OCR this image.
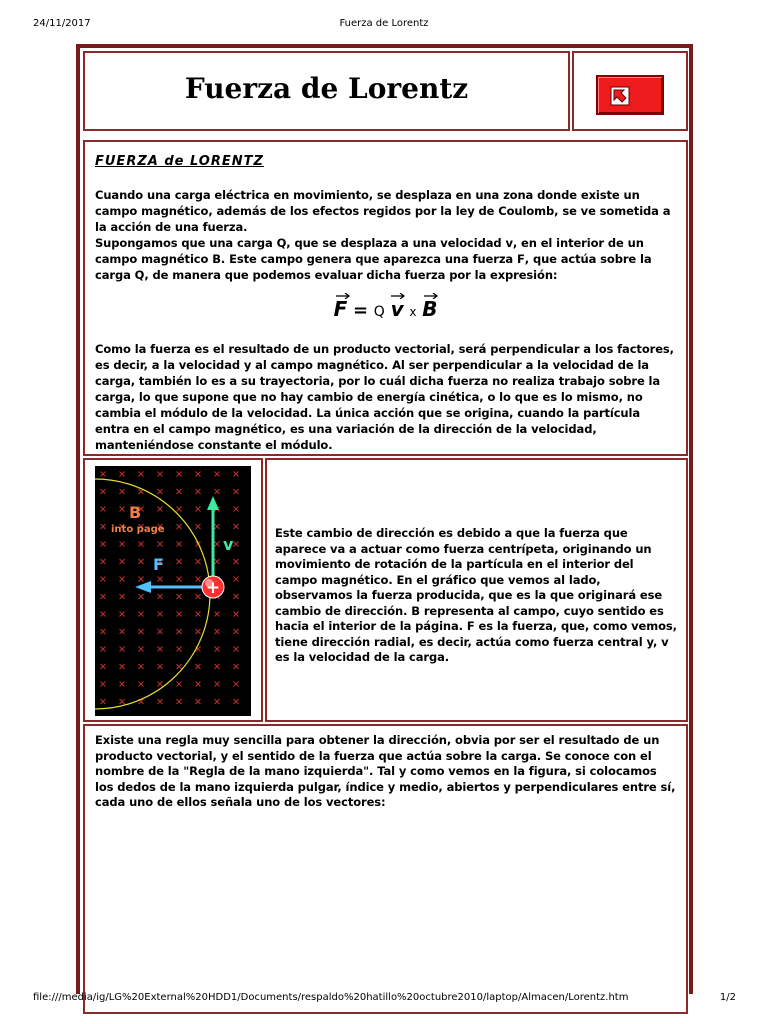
24/11/2017	Fuerza de Lorentz
Fuerza de Lorentz
FUERZA de LORENTZ

Cuando una carga eléctrica en movimiento, se desplaza en una zona donde existe un campo magnético, además de los efectos regidos por la ley de Coulomb, se ve sometida a la acción de una fuerza.

Supongamos que una carga Q, que se desplaza a una velocidad v, en el interior de un campo magnético B. Este campo genera que aparezca una fuerza F, que actúa sobre la carga Q, de manera que podemos evaluar dicha fuerza por la expresión:

F = Q v x B

Como la fuerza es el resultado de un producto vectorial, será perpendicular a los factores, es decir, a la velocidad y al campo magnético. Al ser perpendicular a la velocidad de la carga, también lo es a su trayectoria, por lo cuál dicha fuerza no realiza trabajo sobre la carga, lo que supone que no hay cambio de energía cinética, o lo que es lo mismo, no cambia el módulo de la velocidad. La única acción que se origina, cuando la partícula entra en el campo magnético, es una variación de la dirección de la velocidad, manteniéndose constante el módulo.

B
into page
v
F
+

Este cambio de dirección es debido a que la fuerza que aparece va a actuar como fuerza centrípeta, originando un movimiento de rotación de la partícula en el interior del campo magnético. En el gráfico que vemos al lado, observamos la fuerza producida, que es la que originará ese cambio de dirección. B representa al campo, cuyo sentido es hacia el interior de la página. F es la fuerza, que, como vemos, tiene dirección radial, es decir, actúa como fuerza central y, v es la velocidad de la carga.

Existe una regla muy sencilla para obtener la dirección, obvia por ser el resultado de un producto vectorial, y el sentido de la fuerza que actúa sobre la carga. Se conoce con el nombre de la "Regla de la mano izquierda". Tal y como vemos en la figura, si colocamos los dedos de la mano izquierda pulgar, índice y medio, abiertos y perpendiculares entre sí, cada uno de ellos señala uno de los vectores:

file:///media/ig/LG%20External%20HDD1/Documents/respaldo%20hatillo%20octubre2010/laptop/Almacen/Lorentz.htm	1/2
